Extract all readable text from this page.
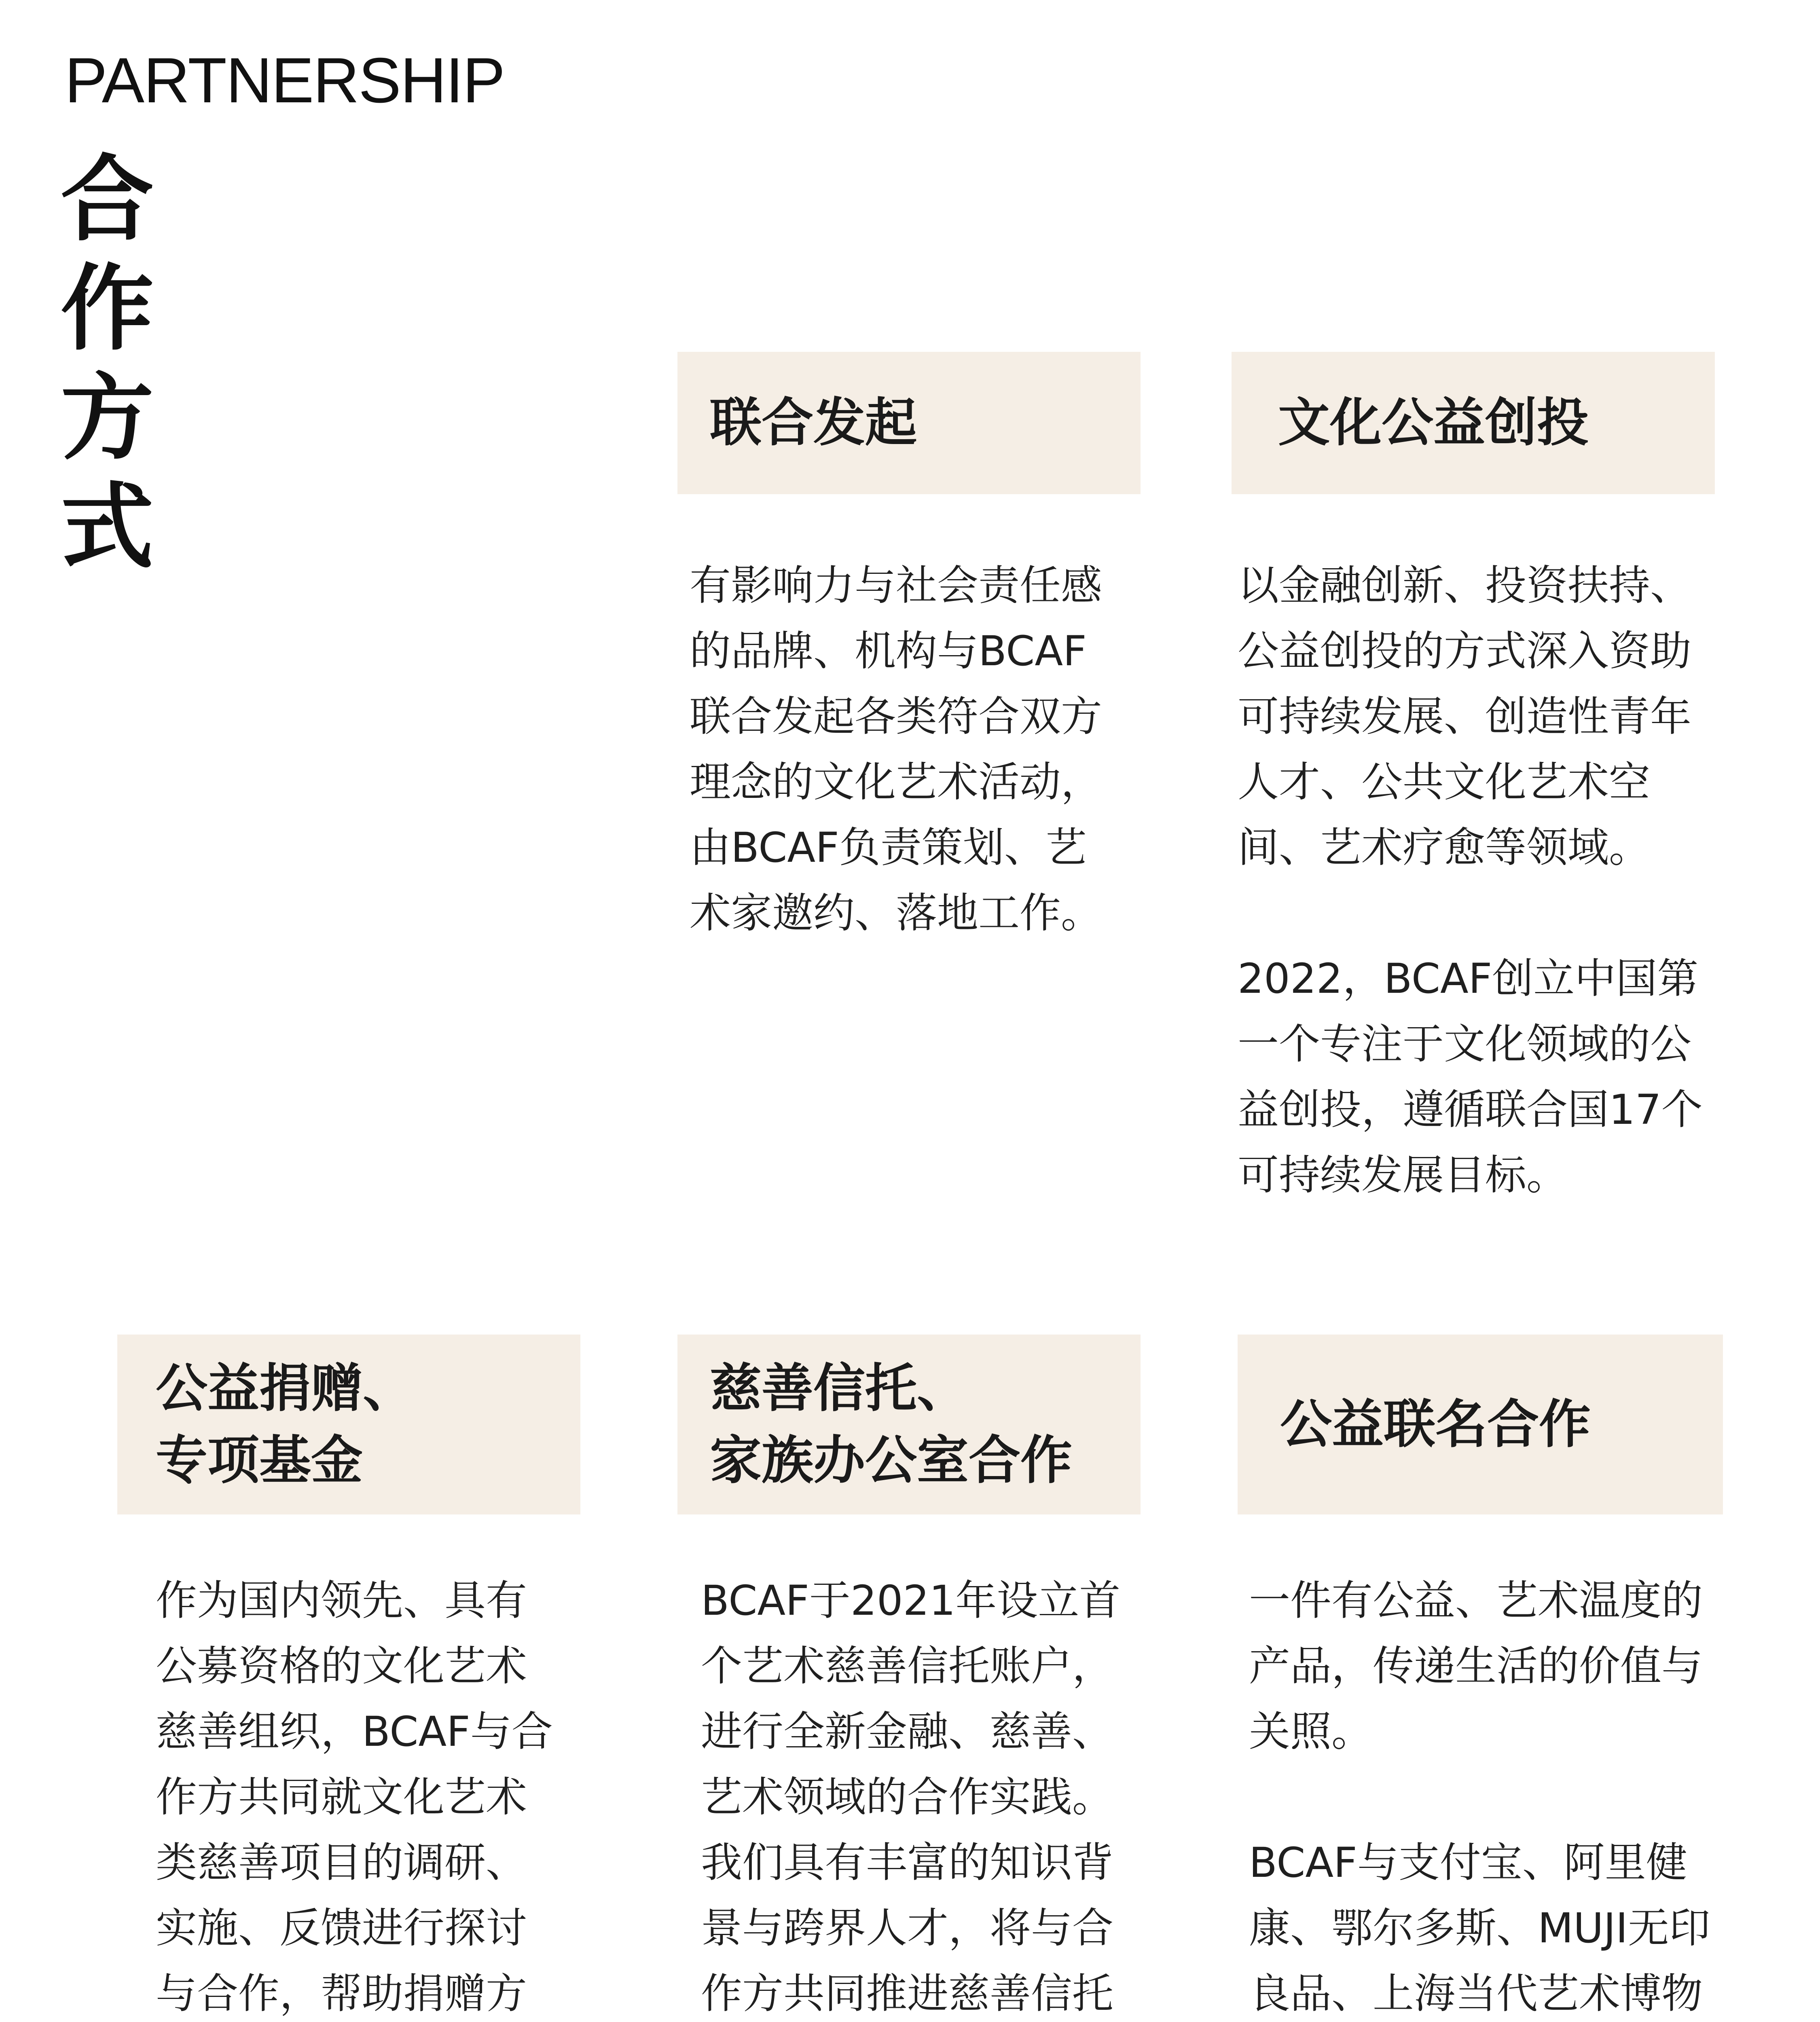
PARTNERSHIP
合作方式
联合发起
有影响力与社会责任感
的品牌、机构与BCAF
联合发起各类符合双方
理念的文化艺术活动，
由BCAF负责策划、艺
术家邀约、落地工作。
文化公益创投
以金融创新、投资扶持、
公益创投的方式深入资助
可持续发展、创造性青年
人才、公共文化艺术空
间、艺术疗愈等领域。

2022，BCAF创立中国第
一个专注于文化领域的公
益创投，遵循联合国17个
可持续发展目标。
公益捐赠、
专项基金
作为国内领先、具有
公募资格的文化艺术
慈善组织，BCAF与合
作方共同就文化艺术
类慈善项目的调研、
实施、反馈进行探讨
与合作，帮助捐赠方

慈善信托、
家族办公室合作
BCAF于2021年设立首
个艺术慈善信托账户，
进行全新金融、慈善、
艺术领域的合作实践。
我们具有丰富的知识背
景与跨界人才，将与合
作方共同推进慈善信托

公益联名合作
一件有公益、艺术温度的
产品，传递生活的价值与
关照。

BCAF与支付宝、阿里健
康、鄂尔多斯、MUJI无印
良品、上海当代艺术博物
